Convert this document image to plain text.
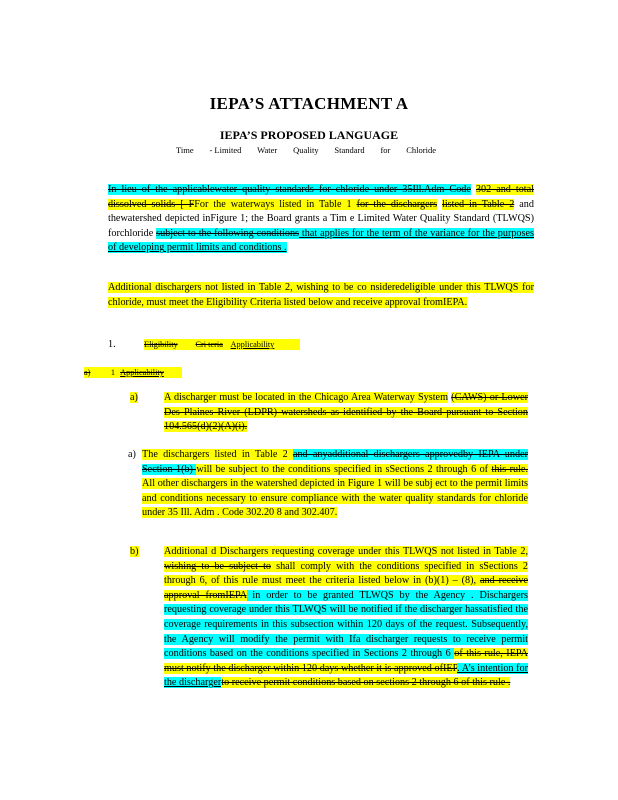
IEPA’S ATTACHMENT A
IEPA’S PROPOSED LANGUAGE
Time - Limited Water Quality Standard for Chloride
In lieu of the applicablewater quality standards for chloride under 35Ill.Adm Code 302 and total dissolved solids [ FFor the waterways listed in Table 1 for the dischargers listed in Table 2 and thewatershed depicted inFigure 1; the Board grants a Tim e Limited Water Quality Standard (TLWQS) forchloride subject to the following conditions that applies for the term of the variance for the purposes of developing permit limits and conditions .
Additional dischargers not listed in Table 2, wishing to be co nsideredeligible under this TLWQS for chloride, must meet the Eligibility Criteria listed below and receive approval fromIEPA.
1.	Eligibility Cri teria Applicability
a) 1 Applicability
a)	A discharger must be located in the Chicago Area Waterway System (CAWS) or Lower Des Plaines River (LDPR) watersheds as identified by the Board pursuant to Section 104.565(d)(2)(A)(i).
a) The dischargers listed in Table 2 and anyadditional dischargers approvedby IEPA under Section 1(b) will be subject to the conditions specified in sSections 2 through 6 of this rule. All other dischargers in the watershed depicted in Figure 1 will be subj ect to the permit limits and conditions necessary to ensure compliance with the water quality standards for chloride under 35 Ill. Adm . Code 302.20 8 and 302.407.
b)	Additional d Dischargers requesting coverage under this TLWQS not listed in Table 2, wishing to be subject to shall comply with the conditions specified in sSections 2 through 6, of this rule must meet the criteria listed below in (b)(1) – (8), and receive approval fromIEPA in order to be granted TLWQS by the Agency . Dischargers requesting coverage under this TLWQS will be notified if the discharger hassatisfied the coverage requirements in this subsection within 120 days of the request. Subsequently, the Agency will modify the permit with Ifa discharger requests to receive permit conditions based on the conditions specified in Sections 2 through 6 of this rule, IEPA must notify the discharger within 120 days whether it is approved ofIEP. A’s intention for the dischargerto receive permit conditions based on sections 2 through 6 of this rule .
